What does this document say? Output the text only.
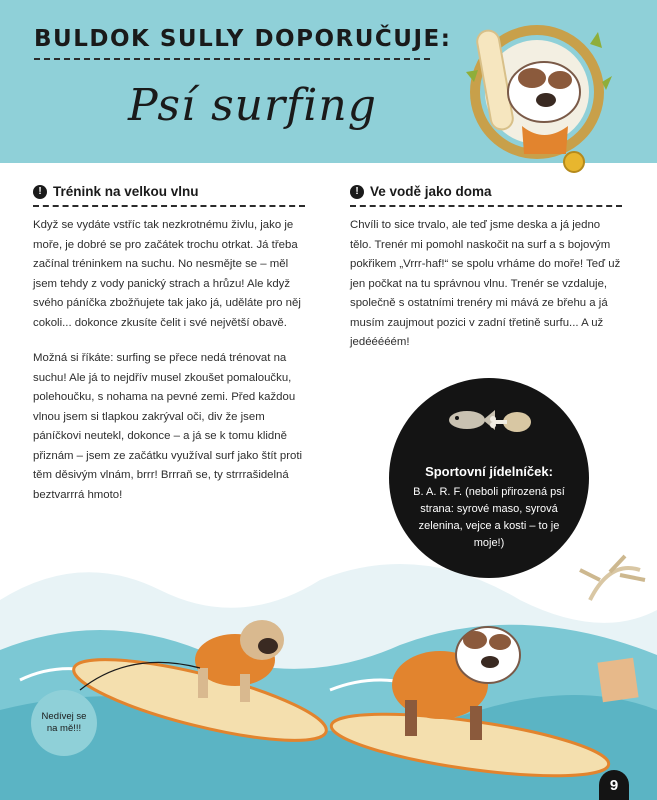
BULDOK SULLY DOPORUČUJE:
Psí surfing
! Trénink na velkou vlnu

Když se vydáte vstříc tak nezkrotnému živlu, jako je moře, je dobré se pro začátek trochu otrkat. Já třeba začínal tréninkem na suchu. No nesmějte se – měl jsem tehdy z vody panický strach a hrůzu! Ale když svého páníčka zbožňujete tak jako já, uděláte pro něj cokoli... dokonce zkusíte čelit i své největší obavě.

Možná si říkáte: surfing se přece nedá trénovat na suchu! Ale já to nejdřív musel zkoušet pomaloučku, polehoučku, s nohama na pevné zemi. Před každou vlnou jsem si tlapkou zakrýval oči, div že jsem páníčkovi neutekl, dokonce – a já se k tomu klidně přiznám – jsem ze začátku využíval surf jako štít proti těm děsivým vlnám, brrr! Brrraň se, ty strrrašidelná beztvarrrá hmoto!

! Ve vodě jako doma

Chvíli to sice trvalo, ale teď jsme deska a já jedno tělo. Trenér mi pomohl naskočit na surf a s bojovým pokřikem „Vrrr-haf!“ se spolu vrháme do moře! Teď už jen počkat na tu správnou vlnu. Trenér se vzdaluje, společně s ostatními trenéry mi mává ze břehu a já musím zaujmout pozici v zadní třetině surfu... A už jedééééém!

Sportovní jídelníček:
B. A. R. F. (neboli přirozená psí strana: syrové maso, syrová zelenina, vejce a kosti – to je moje!)
Nedívej se na mě!!!
9
